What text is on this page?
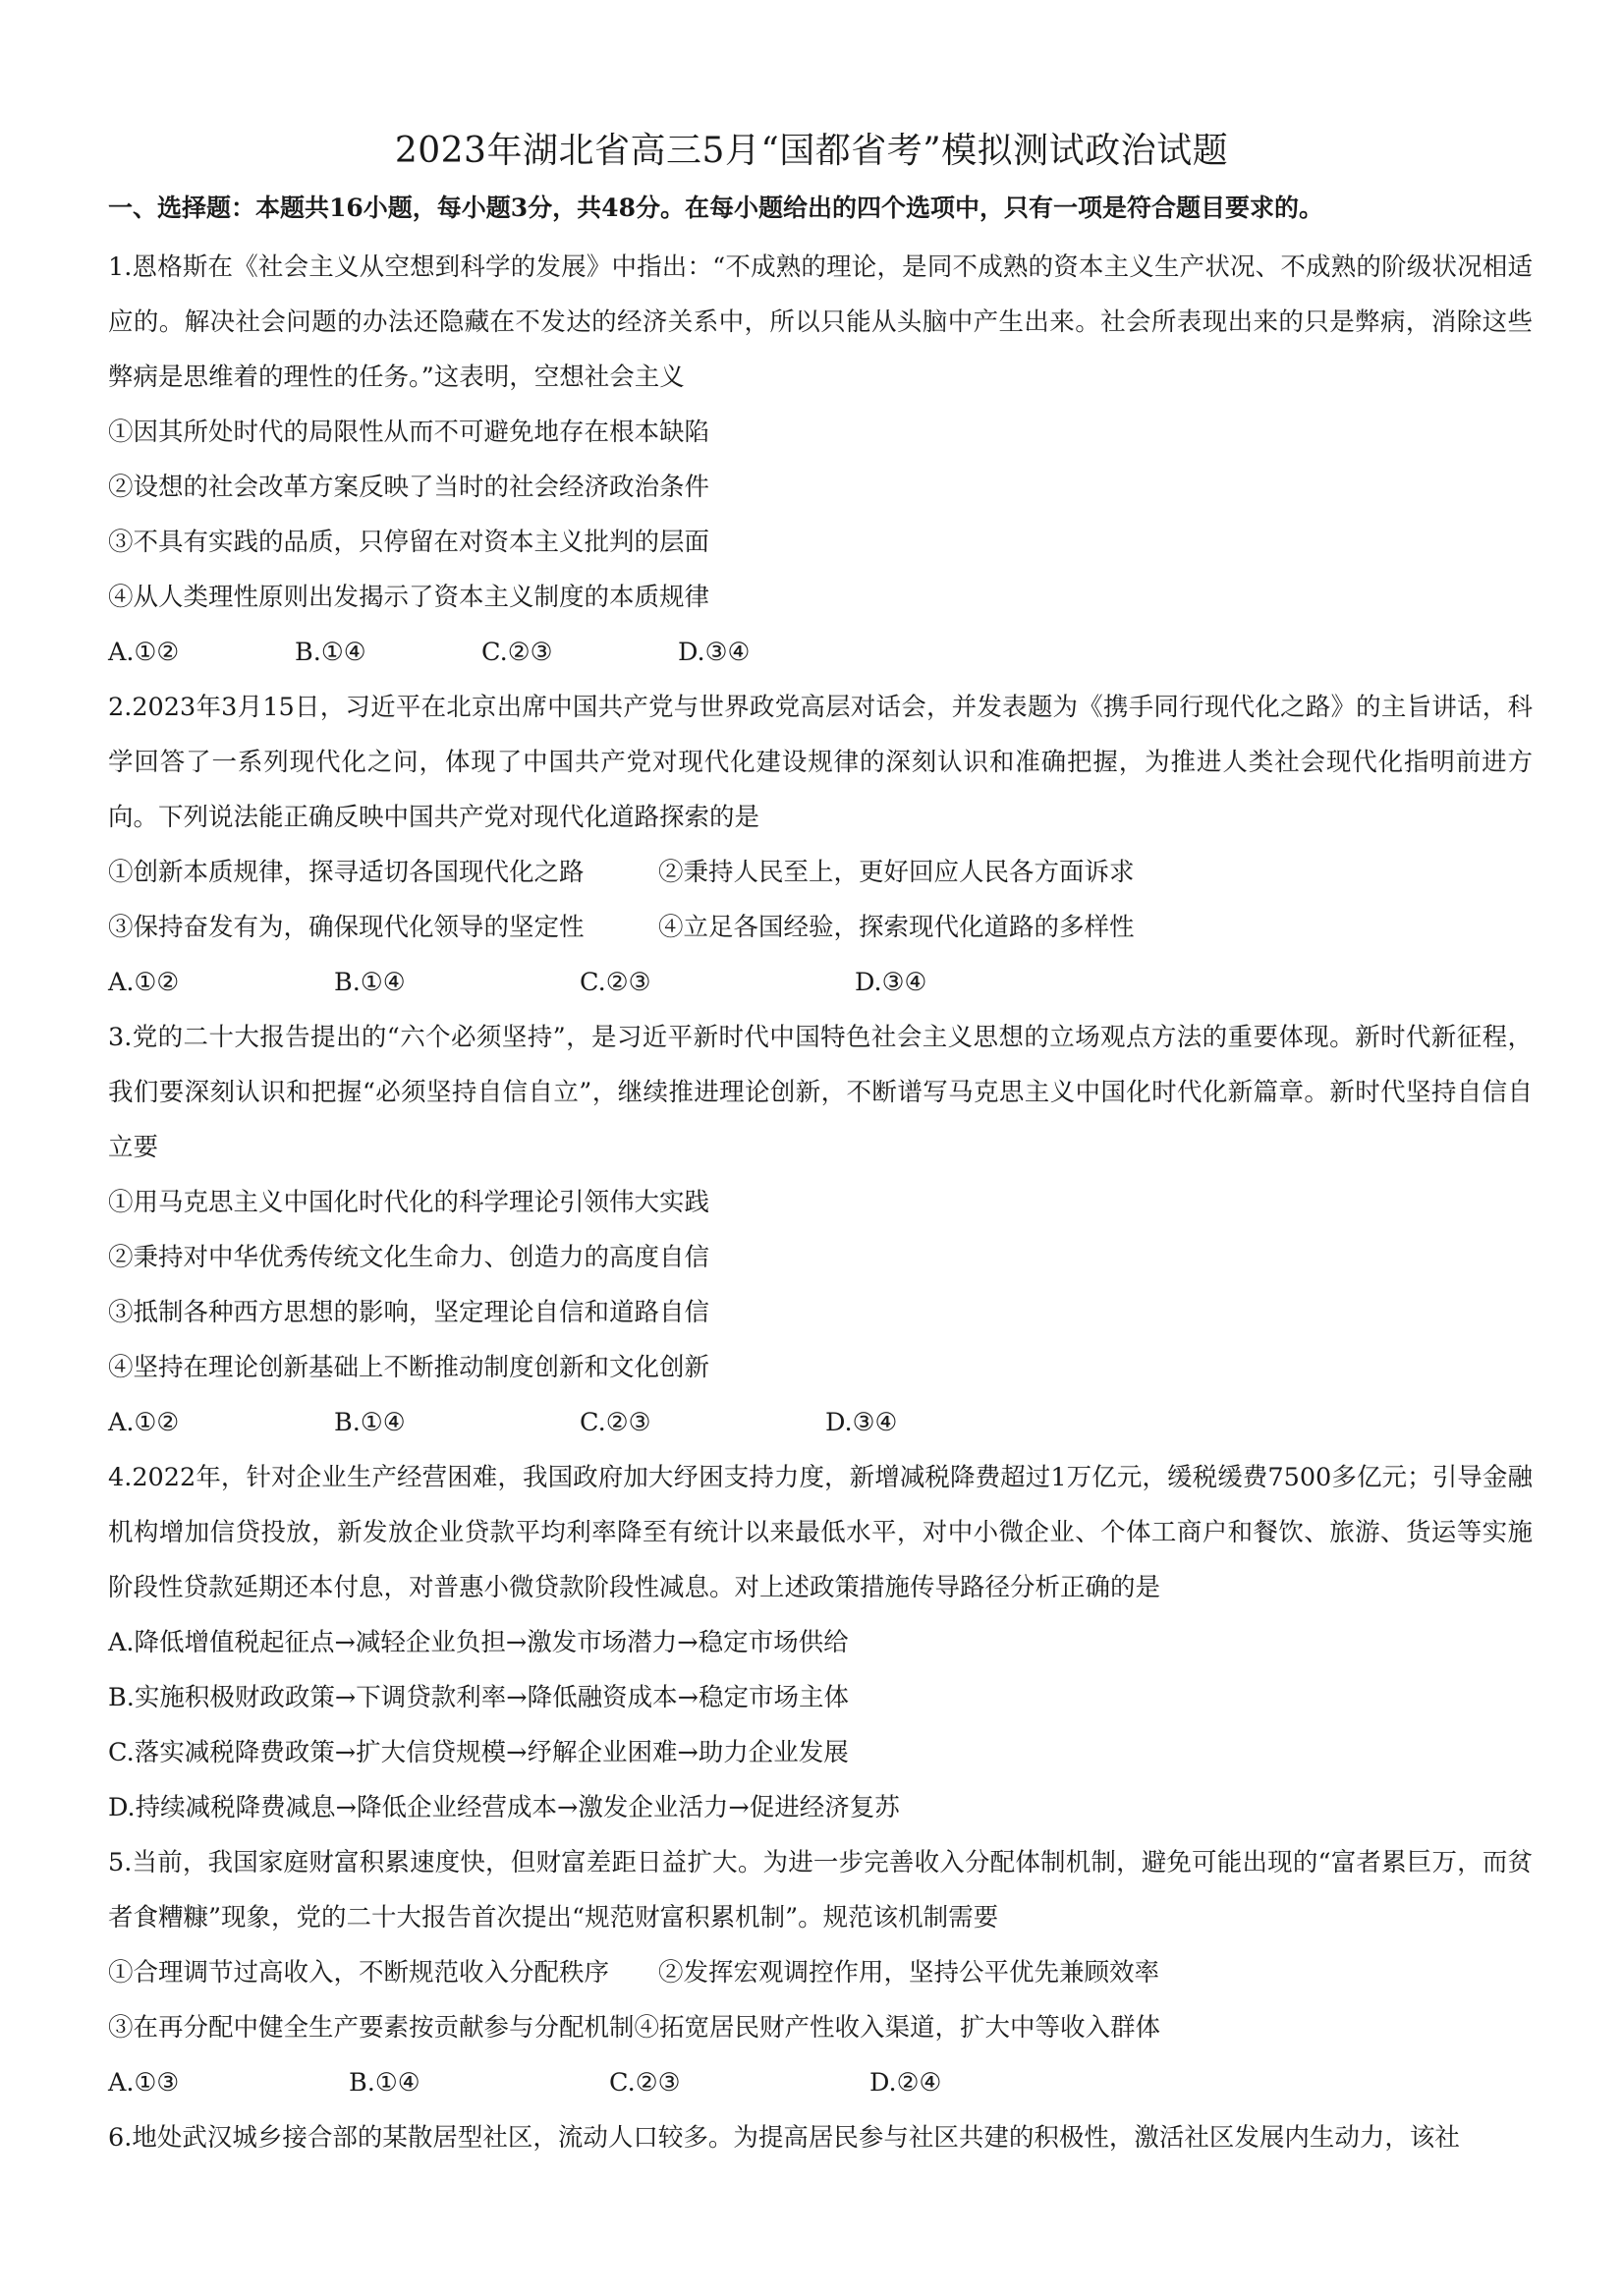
2023年湖北省高三5月“国都省考”模拟测试政治试题
一、选择题：本题共16小题，每小题3分，共48分。在每小题给出的四个选项中，只有一项是符合题目要求的。

1.恩格斯在《社会主义从空想到科学的发展》中指出：“不成熟的理论，是同不成熟的资本主义生产状况、不成熟的阶级状况相适应的。解决社会问题的办法还隐藏在不发达的经济关系中，所以只能从头脑中产生出来。社会所表现出来的只是弊病，消除这些弊病是思维着的理性的任务。”这表明，空想社会主义

①因其所处时代的局限性从而不可避免地存在根本缺陷
②设想的社会改革方案反映了当时的社会经济政治条件
③不具有实践的品质，只停留在对资本主义批判的层面
④从人类理性原则出发揭示了资本主义制度的本质规律
A.①②	B.①④	C.②③	D.③④

2.2023年3月15日，习近平在北京出席中国共产党与世界政党高层对话会，并发表题为《携手同行现代化之路》的主旨讲话，科学回答了一系列现代化之问，体现了中国共产党对现代化建设规律的深刻认识和准确把握，为推进人类社会现代化指明前进方向。下列说法能正确反映中国共产党对现代化道路探索的是

①创新本质规律，探寻适切各国现代化之路	②秉持人民至上，更好回应人民各方面诉求
③保持奋发有为，确保现代化领导的坚定性	④立足各国经验，探索现代化道路的多样性
A.①②	B.①④	C.②③	D.③④

3.党的二十大报告提出的“六个必须坚持”，是习近平新时代中国特色社会主义思想的立场观点方法的重要体现。新时代新征程，我们要深刻认识和把握“必须坚持自信自立”，继续推进理论创新，不断谱写马克思主义中国化时代化新篇章。新时代坚持自信自立要

①用马克思主义中国化时代化的科学理论引领伟大实践
②秉持对中华优秀传统文化生命力、创造力的高度自信
③抵制各种西方思想的影响，坚定理论自信和道路自信
④坚持在理论创新基础上不断推动制度创新和文化创新
A.①②	B.①④	C.②③	D.③④

4.2022年，针对企业生产经营困难，我国政府加大纾困支持力度，新增减税降费超过1万亿元，缓税缓费7500多亿元；引导金融机构增加信贷投放，新发放企业贷款平均利率降至有统计以来最低水平，对中小微企业、个体工商户和餐饮、旅游、货运等实施阶段性贷款延期还本付息，对普惠小微贷款阶段性减息。对上述政策措施传导路径分析正确的是

A.降低增值税起征点→减轻企业负担→激发市场潜力→稳定市场供给
B.实施积极财政政策→下调贷款利率→降低融资成本→稳定市场主体
C.落实减税降费政策→扩大信贷规模→纾解企业困难→助力企业发展
D.持续减税降费减息→降低企业经营成本→激发企业活力→促进经济复苏

5.当前，我国家庭财富积累速度快，但财富差距日益扩大。为进一步完善收入分配体制机制，避免可能出现的“富者累巨万，而贫者食糟糠”现象，党的二十大报告首次提出“规范财富积累机制”。规范该机制需要

①合理调节过高收入，不断规范收入分配秩序	②发挥宏观调控作用，坚持公平优先兼顾效率
③在再分配中健全生产要素按贡献参与分配机制④拓宽居民财产性收入渠道，扩大中等收入群体
A.①③	B.①④	C.②③	D.②④

6.地处武汉城乡接合部的某散居型社区，流动人口较多。为提高居民参与社区共建的积极性，激活社区发展内生动力，该社
